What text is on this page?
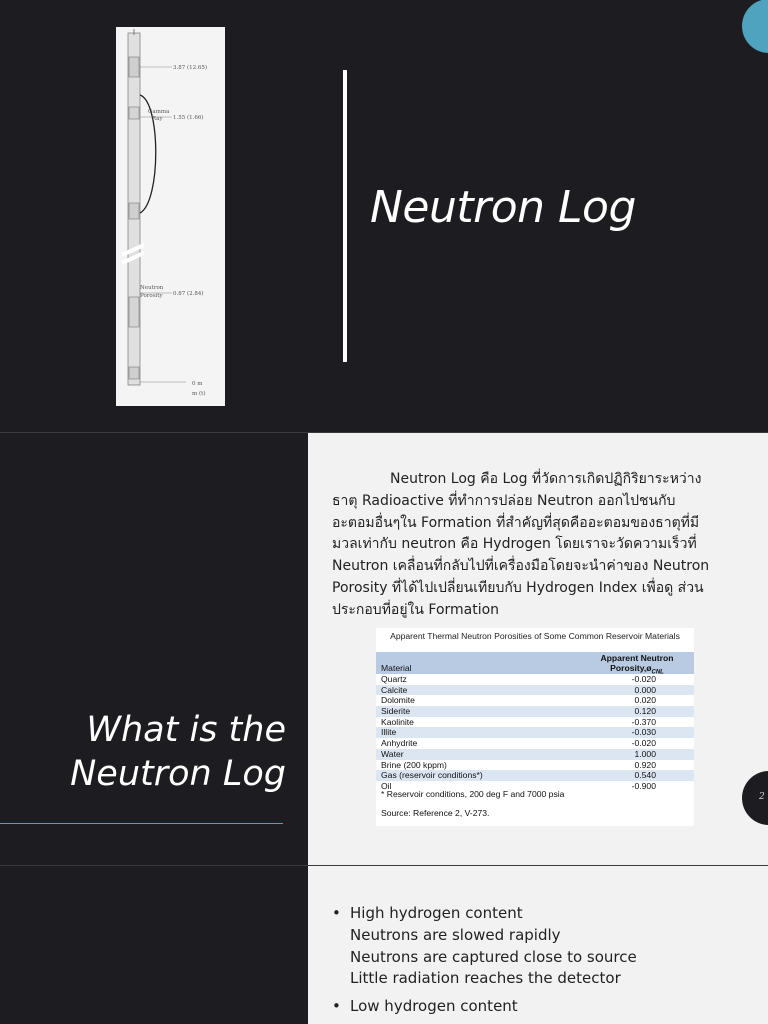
3.87 (12.65)
Gamma
Ray 1.55 (1.66)
Neutron
Porosity 0.87 (2.84)
0 m
m (t)
Neutron Log
What is the
Neutron Log
Neutron Log คือ Log ที่วัดการเกิดปฏิกิริยาระหว่าง ธาตุ Radioactive ที่ทำการปล่อย Neutron ออกไปชนกับ อะตอมอื่นๆใน Formation ที่สำคัญที่สุดคืออะตอมของธาตุที่มี มวลเท่ากับ neutron คือ Hydrogen โดยเราจะวัดความเร็วที่ Neutron เคลื่อนที่กลับไปที่เครื่องมือโดยจะนำค่าของ Neutron Porosity ที่ได้ไปเปลี่ยนเทียบกับ Hydrogen Index เพื่อดู ส่วนประกอบที่อยู่ใน Formation
Apparent Thermal Neutron Porosities of Some Common Reservoir Materials
Material
Apparent Neutron
$Porosity,ø_{CNL}$
Quartz	-0.020
Calcite	0.000
Dolomite	0.020
Siderite	0.120
Kaolinite	-0.370
Illite	-0.030
Anhydrite	-0.020
Water	1.000
Brine (200 kppm)	0.920
Gas (reservoir conditions*)	0.540
Oil	-0.900
* Reservoir conditions, 200 deg F and 7000 psia
Source: Reference 2, V-273.
2
• High hydrogen content
Neutrons are slowed rapidly
Neutrons are captured close to source
Little radiation reaches the detector
• Low hydrogen content
